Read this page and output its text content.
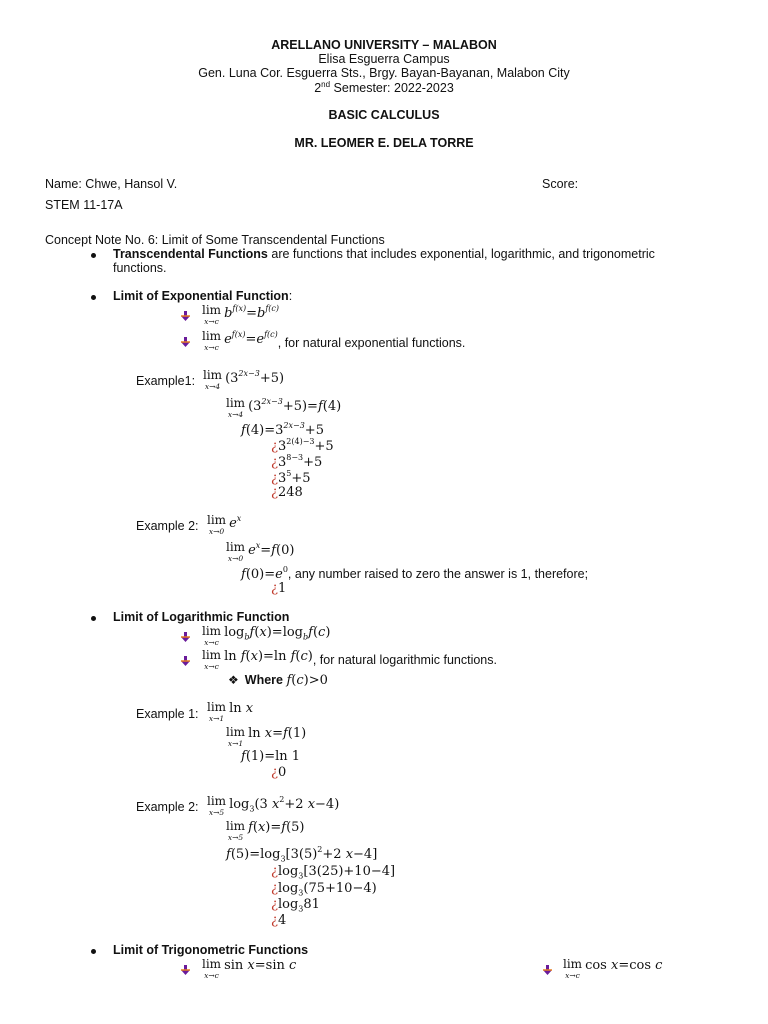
ARELLANO UNIVERSITY – MALABON
Elisa Esguerra Campus
Gen. Luna Cor. Esguerra Sts., Brgy. Bayan-Bayanan, Malabon City
2nd Semester: 2022-2023
BASIC CALCULUS
MR. LEOMER E. DELA TORRE
Name: Chwe, Hansol V.	Score:
STEM 11-17A
Concept Note No. 6: Limit of Some Transcendental Functions
Transcendental Functions are functions that includes exponential, logarithmic, and trigonometric
functions.
Limit of Exponential Function:
lim
x→c
$b^{f(x)}=b^{f(c)}$
lim
x→c
$e^{f(x)}=e^{f(c)}$, for natural exponential functions.
Example1: lim
x→4
$(3^{2x-3}+5)$
lim
x→4
$(3^{2x-3}+5)=f(4)$
$f(4)=3^{2x-3}+5$
¿$3^{2(4)-3}+5$
¿$3^{8-3}+5$
¿$3^5+5$
¿248
Example 2: lim
x→0
$e^x$
lim
x→0
$e^x=f(0)$
$f(0)=e^0$, any number raised to zero the answer is 1, therefore;
¿1
Limit of Logarithmic Function
lim
x→c
$\log_bf(x)=\log_bf(c)$
lim
x→c
ln f(x)=ln f(c), for natural logarithmic functions.
❖ Where f(c)>0
Example 1: lim
x→1
ln x
lim
x→1
ln x=f(1)
f(1)=ln 1
¿0
Example 2: lim
x→5
$\log_3(3$ $x^2+2$ x−4)
lim
x→5
f(x)=f(5)
$f(5)=\log_3[3(5)^2+2$ x−4]
¿$\log_3[3(25)+10-4]$
¿$\log_3(75+10-4)$
¿$\log_381$
¿4
Limit of Trigonometric Functions
lim
x→c
sin x=sin c	lim
x→c
cos x=cos c
